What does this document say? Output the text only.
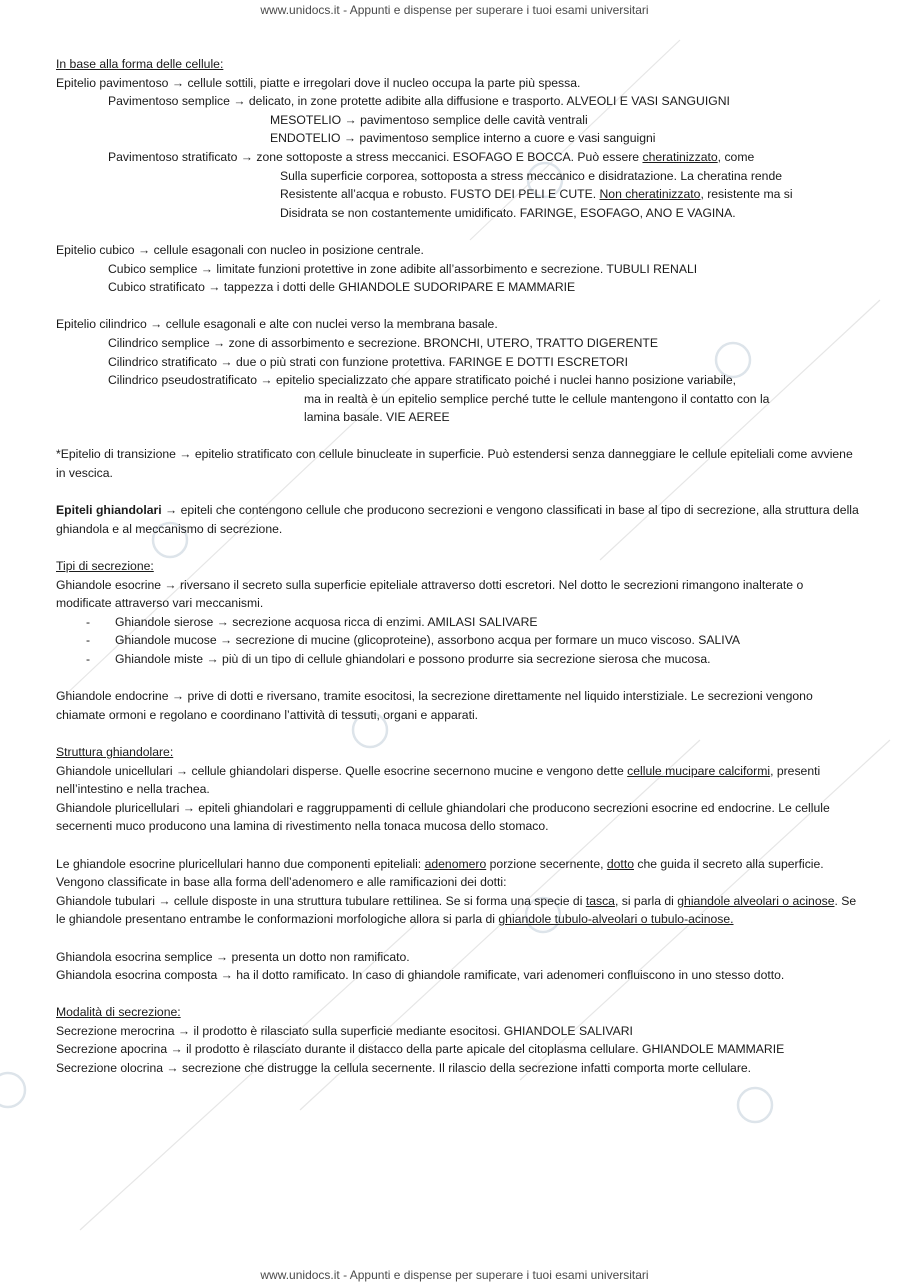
www.unidocs.it - Appunti e dispense per superare i tuoi esami universitari

In base alla forma delle cellule:

Epitelio pavimentoso → cellule sottili, piatte e irregolari dove il nucleo occupa la parte più spessa.

Pavimentoso semplice → delicato, in zone protette adibite alla diffusione e trasporto. ALVEOLI E VASI SANGUIGNI

MESOTELIO → pavimentoso semplice delle cavità ventrali

ENDOTELIO → pavimentoso semplice interno a cuore e vasi sanguigni

Pavimentoso stratificato → zone sottoposte a stress meccanici. ESOFAGO E BOCCA. Può essere cheratinizzato, come

Sulla superficie corporea, sottoposta a stress meccanico e disidratazione. La cheratina rende

Resistente all’acqua e robusto. FUSTO DEI PELI E CUTE. Non cheratinizzato, resistente ma si

Disidrata se non costantemente umidificato. FARINGE, ESOFAGO, ANO E VAGINA.

Epitelio cubico → cellule esagonali con nucleo in posizione centrale.

Cubico semplice → limitate funzioni protettive in zone adibite all’assorbimento e secrezione. TUBULI RENALI

Cubico stratificato → tappezza i dotti delle GHIANDOLE SUDORIPARE E MAMMARIE

Epitelio cilindrico → cellule esagonali e alte con nuclei verso la membrana basale.

Cilindrico semplice → zone di assorbimento e secrezione. BRONCHI, UTERO, TRATTO DIGERENTE

Cilindrico stratificato → due o più strati con funzione protettiva. FARINGE E DOTTI ESCRETORI

Cilindrico pseudostratificato → epitelio specializzato che appare stratificato poiché i nuclei hanno posizione variabile,

ma in realtà è un epitelio semplice perché tutte le cellule mantengono il contatto con la

lamina basale. VIE AEREE

*Epitelio di transizione → epitelio stratificato con cellule binucleate in superficie. Può estendersi senza danneggiare le cellule epiteliali come avviene in vescica.

Epiteli ghiandolari → epiteli che contengono cellule che producono secrezioni e vengono classificati in base al tipo di secrezione, alla struttura della ghiandola e al meccanismo di secrezione.

Tipi di secrezione:

Ghiandole esocrine → riversano il secreto sulla superficie epiteliale attraverso dotti escretori. Nel dotto le secrezioni rimangono inalterate o modificate attraverso vari meccanismi.

-	Ghiandole sierose → secrezione acquosa ricca di enzimi. AMILASI SALIVARE
-	Ghiandole mucose → secrezione di mucine (glicoproteine), assorbono acqua per formare un muco viscoso. SALIVA
-	Ghiandole miste → più di un tipo di cellule ghiandolari e possono produrre sia secrezione sierosa che mucosa.

Ghiandole endocrine → prive di dotti e riversano, tramite esocitosi, la secrezione direttamente nel liquido interstiziale. Le secrezioni vengono chiamate ormoni e regolano e coordinano l’attività di tessuti, organi e apparati.

Struttura ghiandolare:

Ghiandole unicellulari → cellule ghiandolari disperse. Quelle esocrine secernono mucine e vengono dette cellule mucipare calciformi, presenti nell’intestino e nella trachea.

Ghiandole pluricellulari → epiteli ghiandolari e raggruppamenti di cellule ghiandolari che producono secrezioni esocrine ed endocrine. Le cellule secernenti muco producono una lamina di rivestimento nella tonaca mucosa dello stomaco.

Le ghiandole esocrine pluricellulari hanno due componenti epiteliali: adenomero porzione secernente, dotto che guida il secreto alla superficie. Vengono classificate in base alla forma dell’adenomero e alle ramificazioni dei dotti:

Ghiandole tubulari → cellule disposte in una struttura tubulare rettilinea. Se si forma una specie di tasca, si parla di ghiandole alveolari o acinose. Se le ghiandole presentano entrambe le conformazioni morfologiche allora si parla di ghiandole tubulo-alveolari o tubulo-acinose.

Ghiandola esocrina semplice → presenta un dotto non ramificato.

Ghiandola esocrina composta → ha il dotto ramificato. In caso di ghiandole ramificate, vari adenomeri confluiscono in uno stesso dotto.

Modalità di secrezione:

Secrezione merocrina → il prodotto è rilasciato sulla superficie mediante esocitosi. GHIANDOLE SALIVARI

Secrezione apocrina → il prodotto è rilasciato durante il distacco della parte apicale del citoplasma cellulare. GHIANDOLE MAMMARIE

Secrezione olocrina → secrezione che distrugge la cellula secernente. Il rilascio della secrezione infatti comporta morte cellulare.

www.unidocs.it - Appunti e dispense per superare i tuoi esami universitari
